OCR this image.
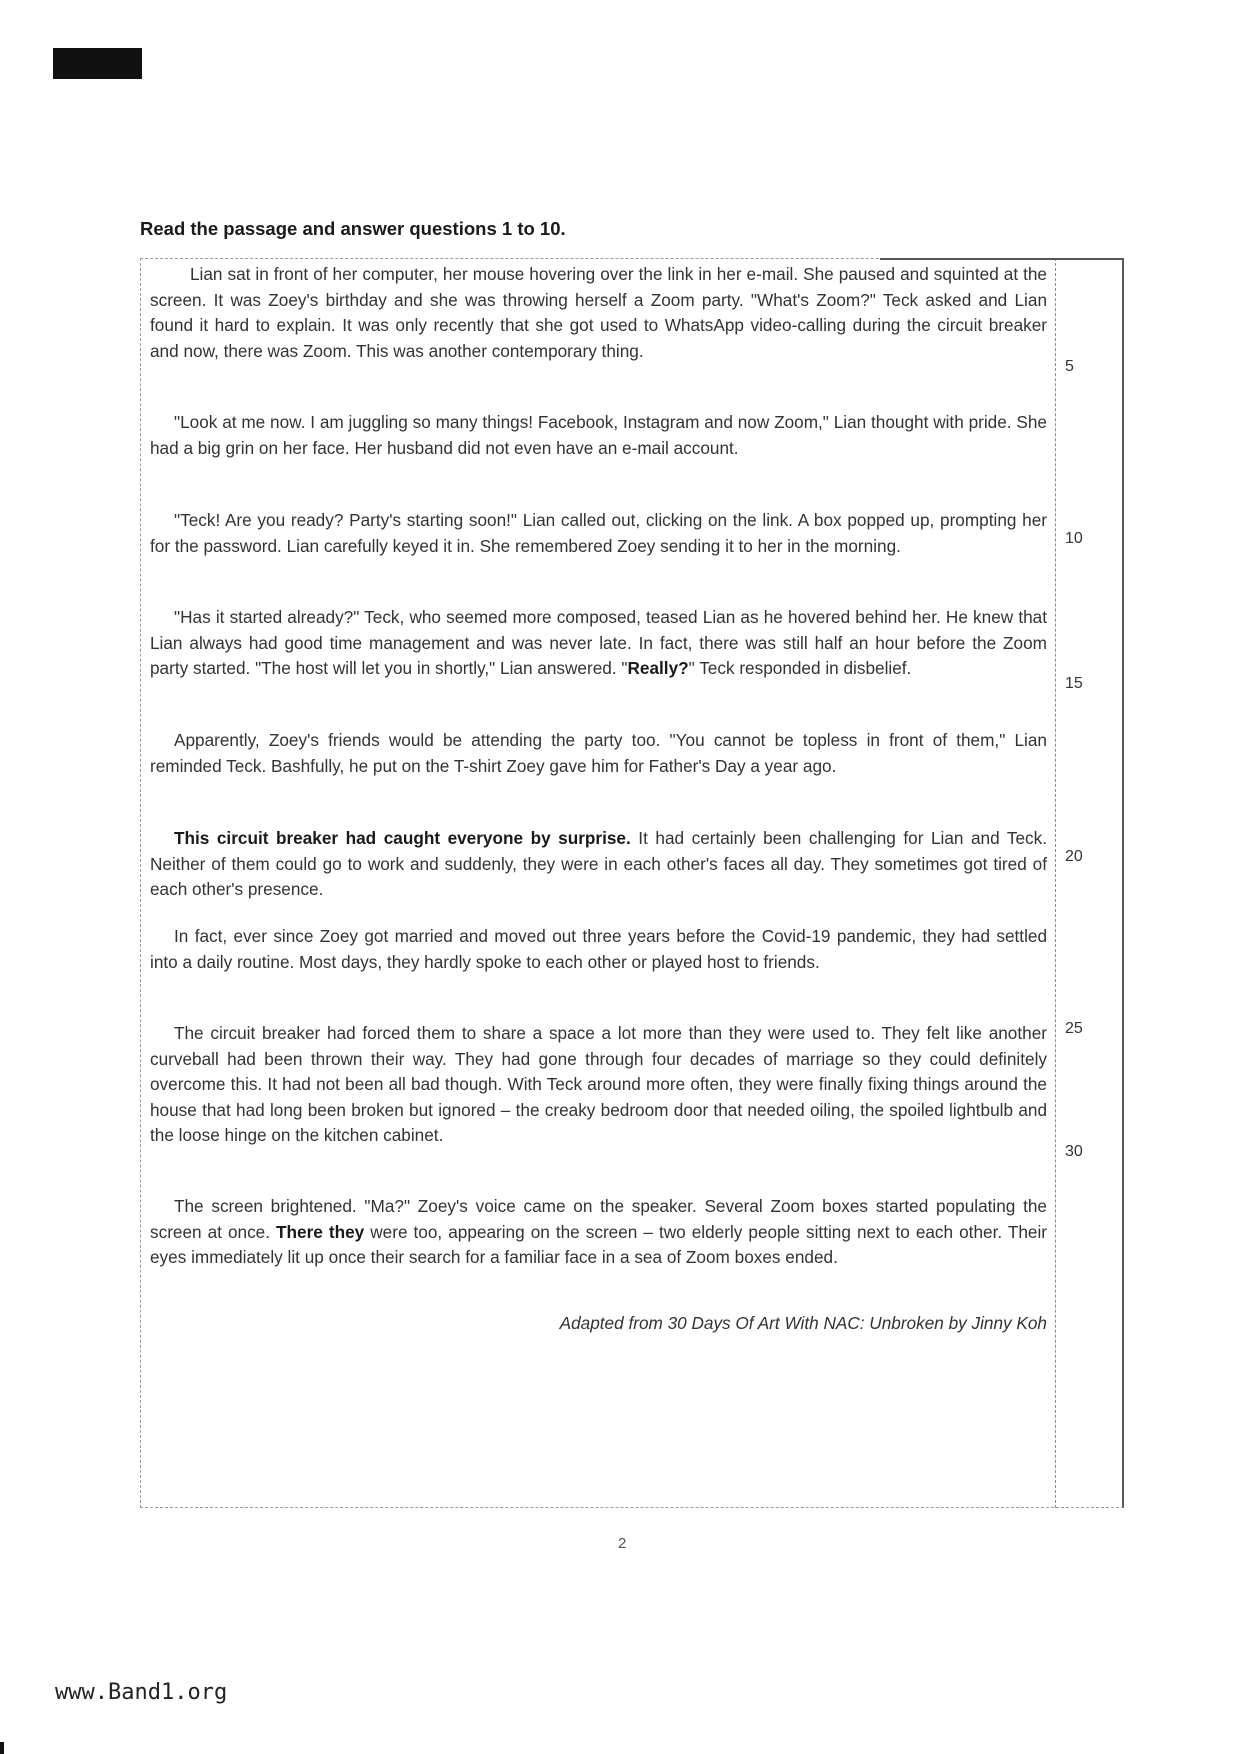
Read the passage and answer questions 1 to 10.

Lian sat in front of her computer, her mouse hovering over the link in her e-mail. She paused and squinted at the screen. It was Zoey's birthday and she was throwing herself a Zoom party. "What's Zoom?" Teck asked and Lian found it hard to explain. It was only recently that she got used to WhatsApp video-calling during the circuit breaker and now, there was Zoom. This was another contemporary thing.

5

"Look at me now. I am juggling so many things! Facebook, Instagram and now Zoom," Lian thought with pride. She had a big grin on her face. Her husband did not even have an e-mail account.

"Teck! Are you ready? Party's starting soon!" Lian called out, clicking on the link. A box popped up, prompting her for the password. Lian carefully keyed it in. She remembered Zoey sending it to her in the morning.	10

"Has it started already?" Teck, who seemed more composed, teased Lian as he hovered behind her. He knew that Lian always had good time management and was never late. In fact, there was still half an hour before the Zoom party started. "The host will let you in shortly," Lian answered. "Really?" Teck responded in disbelief.

15

Apparently, Zoey's friends would be attending the party too. "You cannot be topless in front of them," Lian reminded Teck. Bashfully, he put on the T-shirt Zoey gave him for Father's Day a year ago.

This circuit breaker had caught everyone by surprise. It had certainly been challenging for Lian and Teck. Neither of them could go to work and suddenly, they were in each other's faces all day. They sometimes got tired of each other's presence.

20

In fact, ever since Zoey got married and moved out three years before the Covid-19 pandemic, they had settled into a daily routine. Most days, they hardly spoke to each other or played host to friends.

The circuit breaker had forced them to share a space a lot more than they were used to. They felt like another curveball had been thrown their way. They had gone through four decades of marriage so they could definitely overcome this. It had not been all bad though. With Teck around more often, they were finally fixing things around the house that had long been broken but ignored – the creaky bedroom door that needed oiling, the spoiled lightbulb and the loose hinge on the kitchen cabinet.

25
30

The screen brightened. "Ma?" Zoey's voice came on the speaker. Several Zoom boxes started populating the screen at once. There they were too, appearing on the screen – two elderly people sitting next to each other. Their eyes immediately lit up once their search for a familiar face in a sea of Zoom boxes ended.

Adapted from 30 Days Of Art With NAC: Unbroken by Jinny Koh

2

www.Band1.org
